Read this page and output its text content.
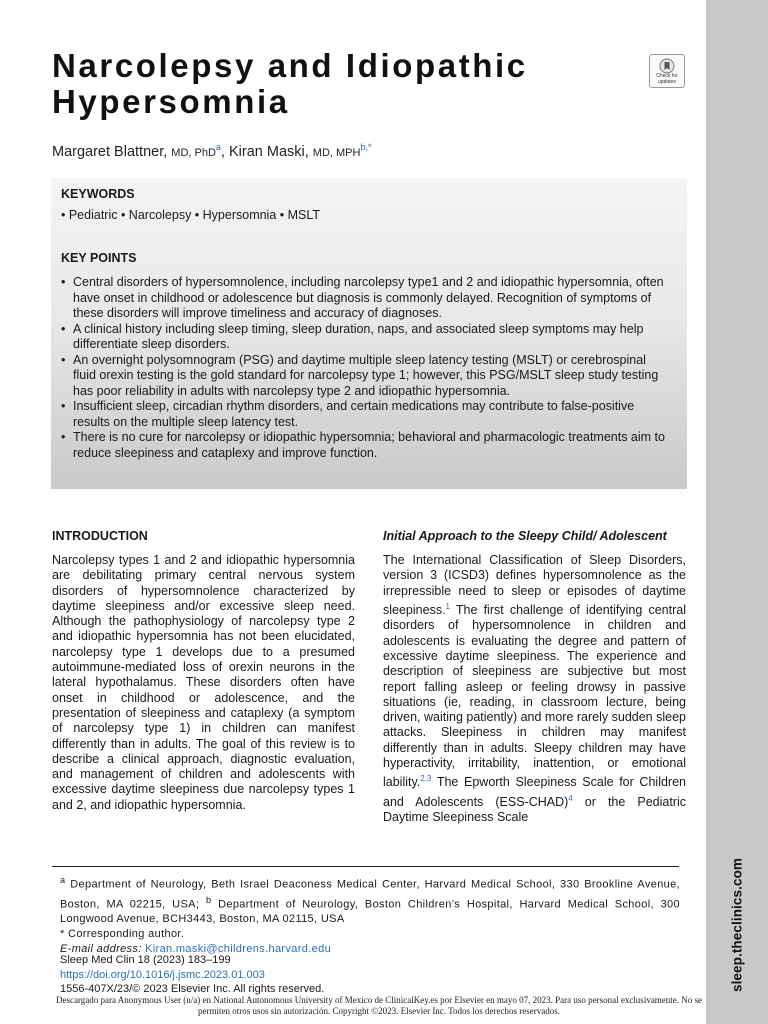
sleep.theclinics.com
Check for
updates
Narcolepsy and Idiopathic
Hypersomnia
Margaret Blattner, MD, PhD$^a$, Kiran Maski, MD, $MPH^{b,*}$
KEYWORDS
• Pediatric • Narcolepsy • Hypersomnia • MSLT
KEY POINTS
• Central disorders of hypersomnolence, including narcolepsy type1 and 2 and idiopathic hypersomnia, often have onset in childhood or adolescence but diagnosis is commonly delayed. Recognition of symptoms of these disorders will improve timeliness and accuracy of diagnoses.
• A clinical history including sleep timing, sleep duration, naps, and associated sleep symptoms may help differentiate sleep disorders.
• An overnight polysomnogram (PSG) and daytime multiple sleep latency testing (MSLT) or cerebrospinal fluid orexin testing is the gold standard for narcolepsy type 1; however, this PSG/MSLT sleep study testing has poor reliability in adults with narcolepsy type 2 and idiopathic hypersomnia.
• Insufficient sleep, circadian rhythm disorders, and certain medications may contribute to false-positive results on the multiple sleep latency test.
• There is no cure for narcolepsy or idiopathic hypersomnia; behavioral and pharmacologic treatments aim to reduce sleepiness and cataplexy and improve function.
INTRODUCTION

Narcolepsy types 1 and 2 and idiopathic hypersomnia are debilitating primary central nervous system disorders of hypersomnolence characterized by daytime sleepiness and/or excessive sleep need. Although the pathophysiology of narcolepsy type 2 and idiopathic hypersomnia has not been elucidated, narcolepsy type 1 develops due to a presumed autoimmune-mediated loss of orexin neurons in the lateral hypothalamus. These disorders often have onset in childhood or adolescence, and the presentation of sleepiness and cataplexy (a symptom of narcolepsy type 1) in children can manifest differently than in adults. The goal of this review is to describe a clinical approach, diagnostic evaluation, and management of children and adolescents with excessive daytime sleepiness due narcolepsy types 1 and 2, and idiopathic hypersomnia.

Initial Approach to the Sleepy Child/ Adolescent

The International Classification of Sleep Disorders, version 3 (ICSD3) defines hypersomnolence as the irrepressible need to sleep or episodes of daytime sleepiness.$^1$ The first challenge of identifying central disorders of hypersomnolence in children and adolescents is evaluating the degree and pattern of excessive daytime sleepiness. The experience and description of sleepiness are subjective but most report falling asleep or feeling drowsy in passive situations (ie, reading, in classroom lecture, being driven, waiting patiently) and more rarely sudden sleep attacks. Sleepiness in children may manifest differently than in adults. Sleepy children may have hyperactivity, irritability, inattention, or emotional lability.$^{2,3}$ The Epworth Sleepiness Scale for Children and Adolescents (ESS-CHAD)$^4$ or the Pediatric Daytime Sleepiness Scale

$^a$ Department of Neurology, Beth Israel Deaconess Medical Center, Harvard Medical School, 330 Brookline Avenue, Boston, MA 02215, USA; $^b$ Department of Neurology, Boston Children’s Hospital, Harvard Medical School, 300 Longwood Avenue, BCH3443, Boston, MA 02115, USA

* Corresponding author.

E-mail address: Kiran.maski@childrens.harvard.edu

Sleep Med Clin 18 (2023) 183–199

https://doi.org/10.1016/j.jsmc.2023.01.003

1556-407X/23/© 2023 Elsevier Inc. All rights reserved.

Descargado para Anonymous User (n/a) en National Autonomous University of Mexico de ClinicalKey.es por Elsevier en mayo 07, 2023. Para uso personal exclusivamente. No se permiten otros usos sin autorización. Copyright ©2023. Elsevier Inc. Todos los derechos reservados.
